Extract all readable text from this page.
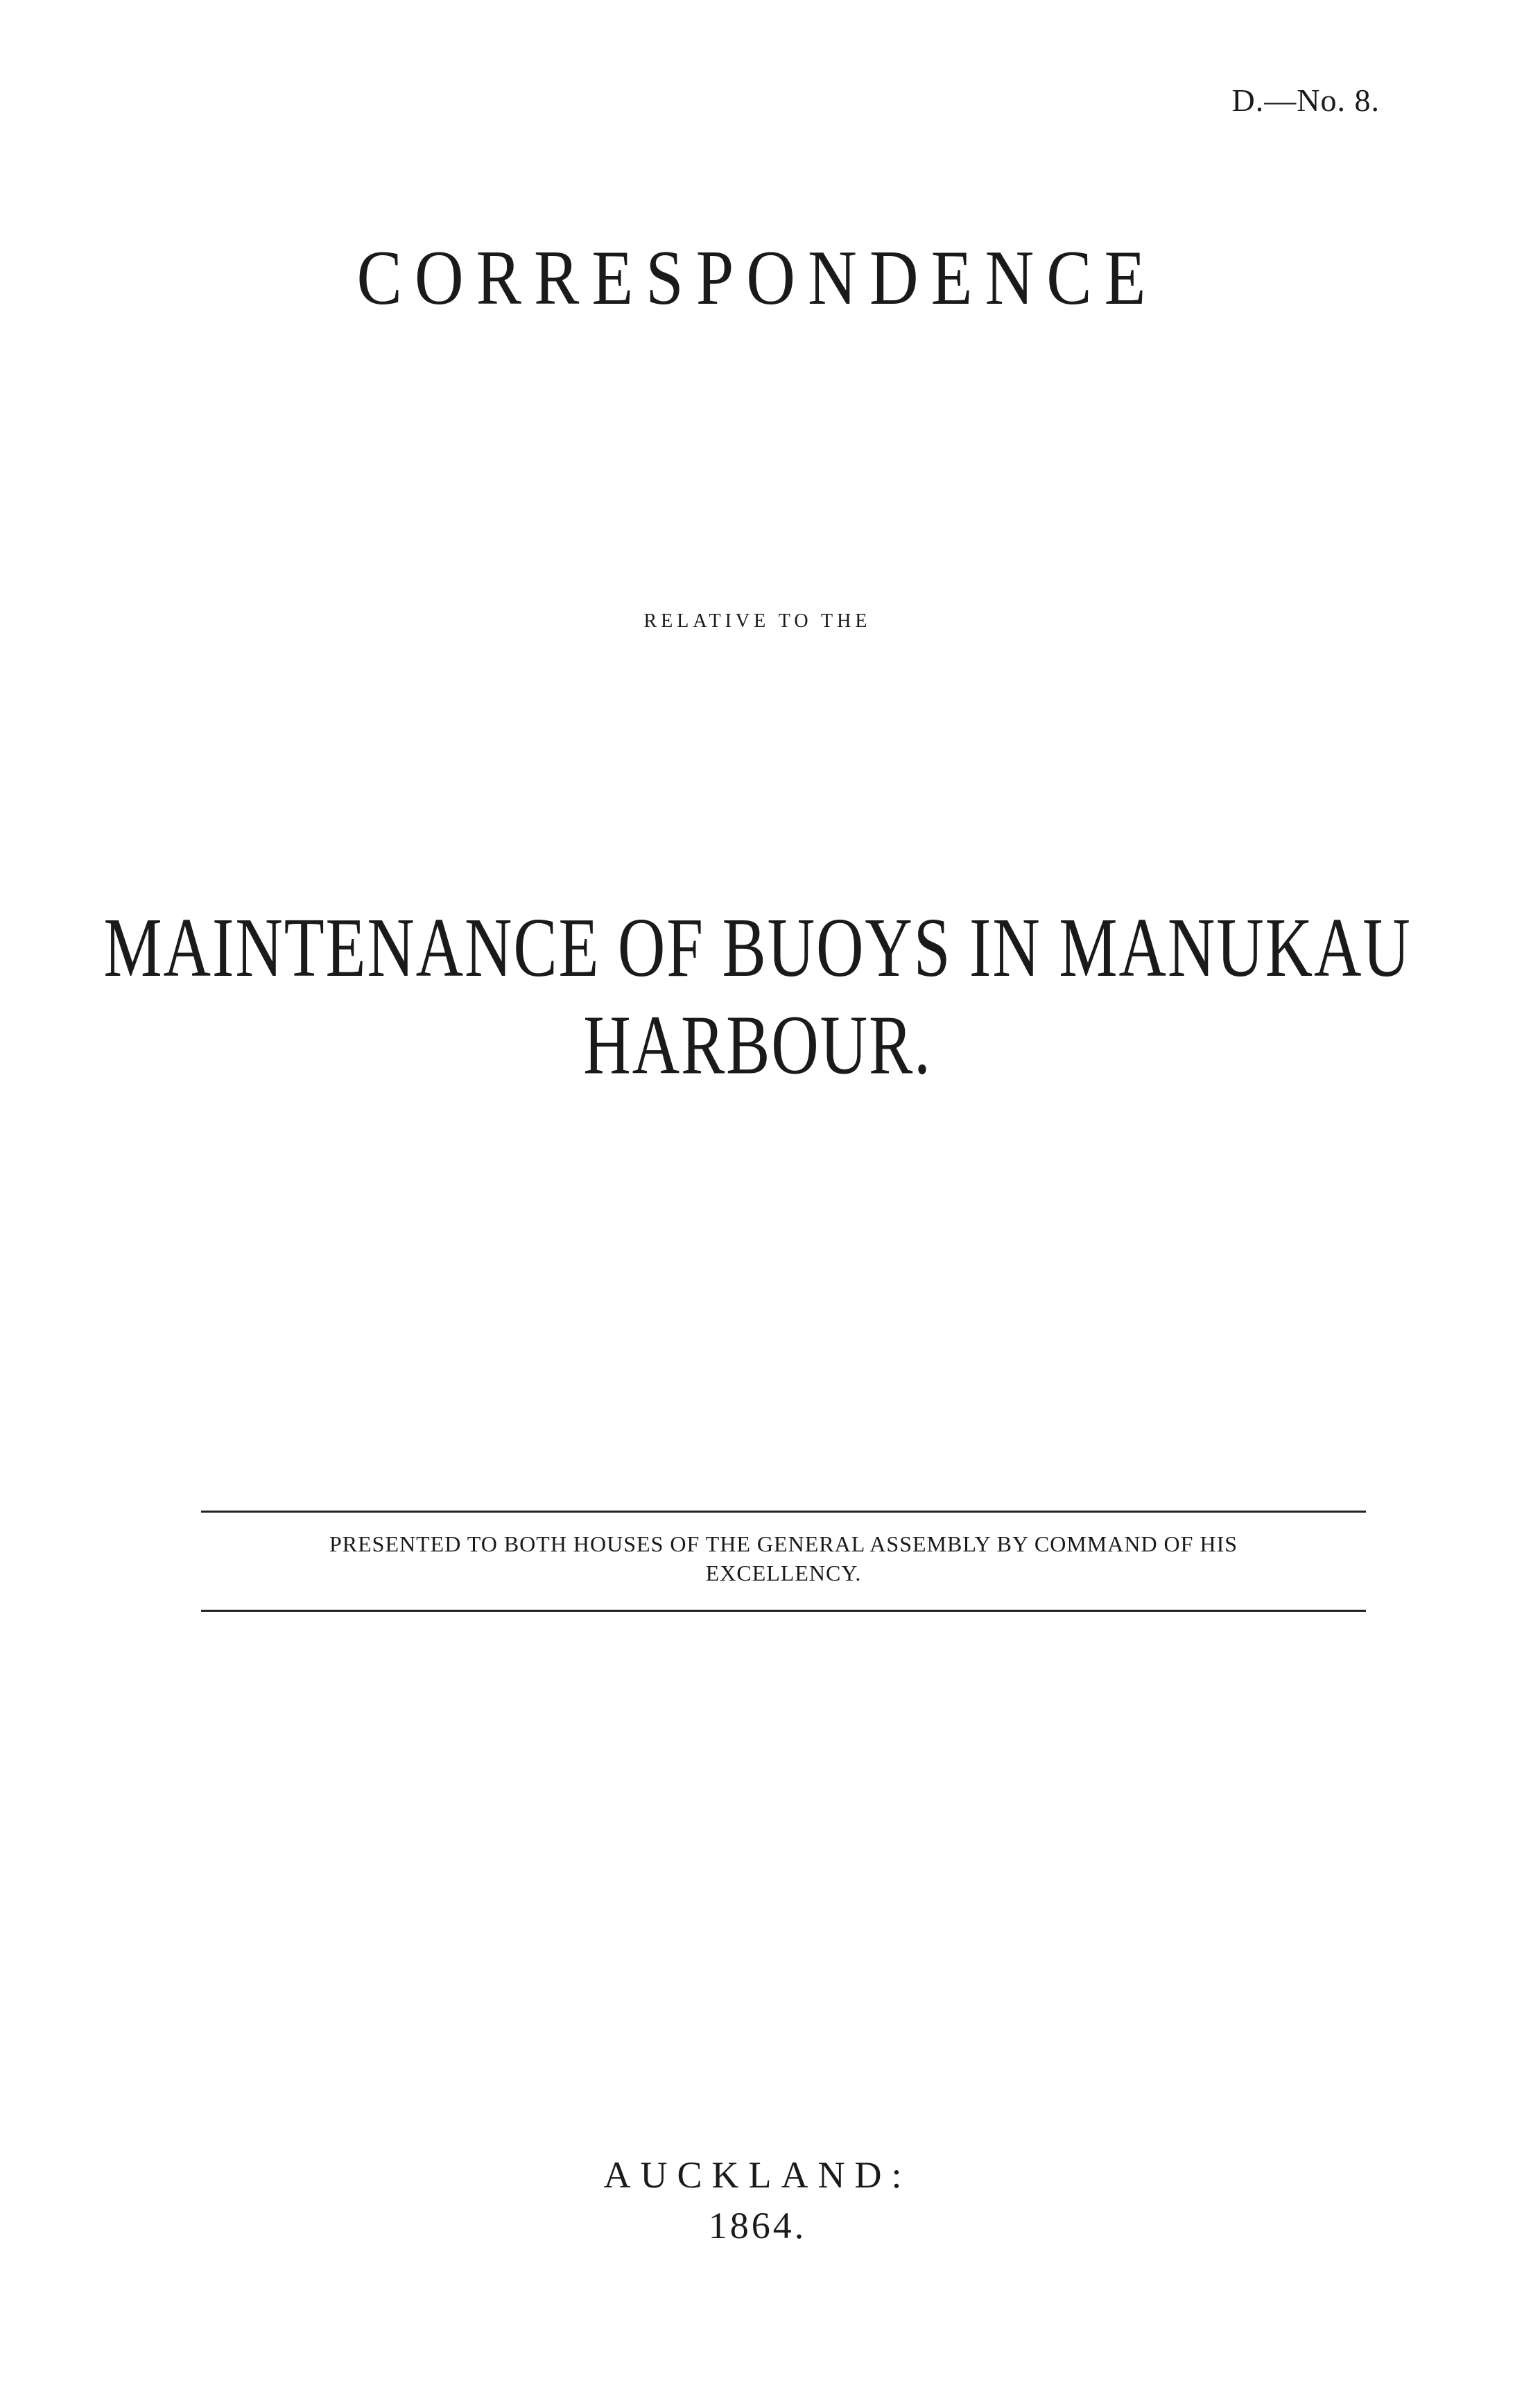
D.—No. 8.
CORRESPONDENCE
RELATIVE TO THE
MAINTENANCE OF BUOYS IN MANUKAU HARBOUR.
PRESENTED TO BOTH HOUSES OF THE GENERAL ASSEMBLY BY COMMAND OF HIS
EXCELLENCY.
AUCKLAND:
1864.
